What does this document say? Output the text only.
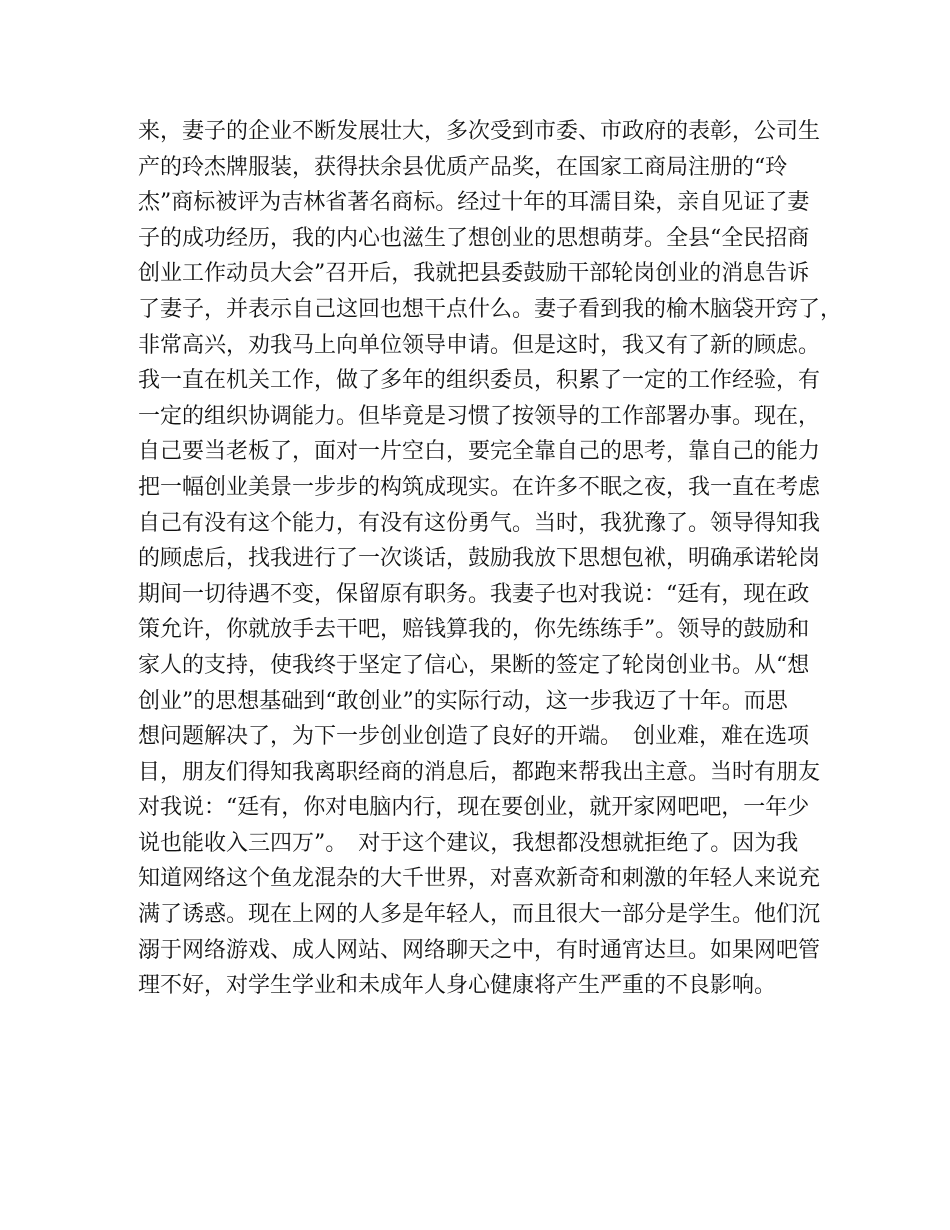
来，妻子的企业不断发展壮大，多次受到市委、市政府的表彰，公司生
产的玲杰牌服装，获得扶余县优质产品奖，在国家工商局注册的“玲
杰”商标被评为吉林省著名商标。经过十年的耳濡目染，亲自见证了妻
子的成功经历，我的内心也滋生了想创业的思想萌芽。全县“全民招商
创业工作动员大会”召开后，我就把县委鼓励干部轮岗创业的消息告诉
了妻子，并表示自己这回也想干点什么。妻子看到我的榆木脑袋开窍了，
非常高兴，劝我马上向单位领导申请。但是这时，我又有了新的顾虑。
我一直在机关工作，做了多年的组织委员，积累了一定的工作经验，有
一定的组织协调能力。但毕竟是习惯了按领导的工作部署办事。现在，
自己要当老板了，面对一片空白，要完全靠自己的思考，靠自己的能力
把一幅创业美景一步步的构筑成现实。在许多不眠之夜，我一直在考虑
自己有没有这个能力，有没有这份勇气。当时，我犹豫了。领导得知我
的顾虑后，找我进行了一次谈话，鼓励我放下思想包袱，明确承诺轮岗
期间一切待遇不变，保留原有职务。我妻子也对我说：“廷有，现在政
策允许，你就放手去干吧，赔钱算我的，你先练练手”。领导的鼓励和
家人的支持，使我终于坚定了信心，果断的签定了轮岗创业书。从“想
创业”的思想基础到“敢创业”的实际行动，这一步我迈了十年。而思
想问题解决了，为下一步创业创造了良好的开端。　创业难，难在选项
目，朋友们得知我离职经商的消息后，都跑来帮我出主意。当时有朋友
对我说：“廷有，你对电脑内行，现在要创业，就开家网吧吧，一年少
说也能收入三四万”。　对于这个建议，我想都没想就拒绝了。因为我
知道网络这个鱼龙混杂的大千世界，对喜欢新奇和刺激的年轻人来说充
满了诱惑。现在上网的人多是年轻人，而且很大一部分是学生。他们沉
溺于网络游戏、成人网站、网络聊天之中，有时通宵达旦。如果网吧管
理不好，对学生学业和未成年人身心健康将产生严重的不良影响。
